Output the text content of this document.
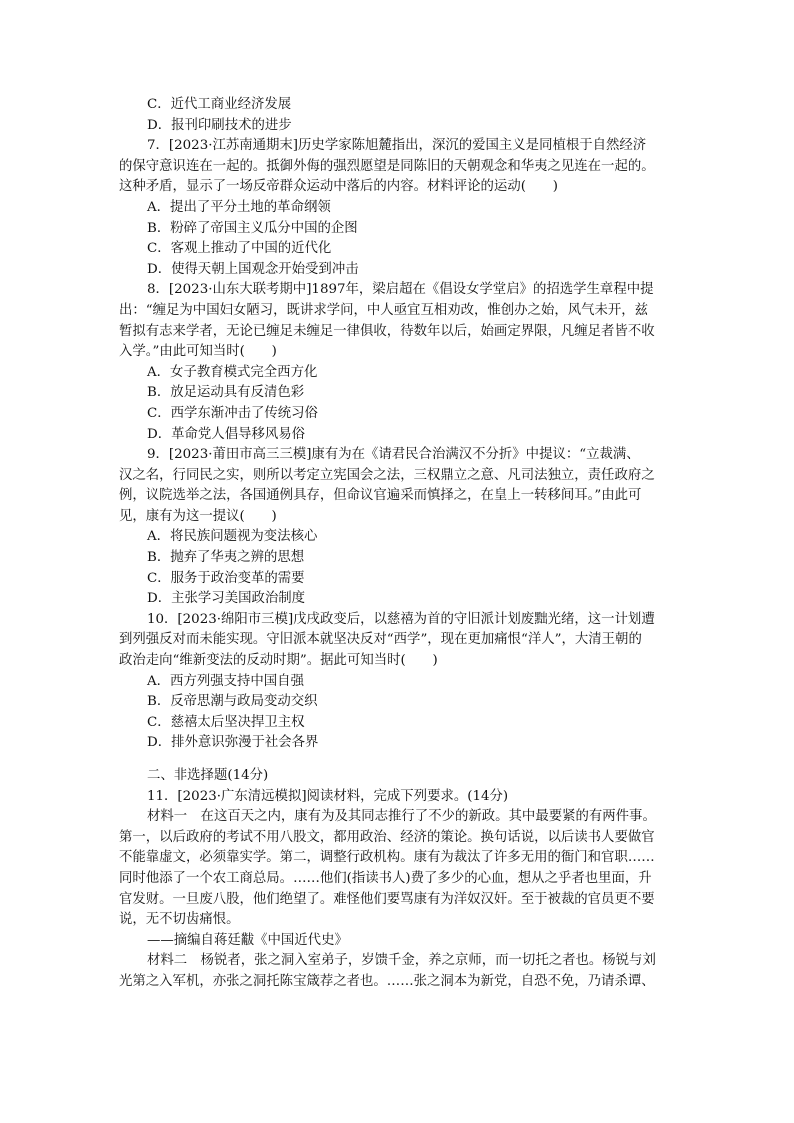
C．近代工商业经济发展
D．报刊印刷技术的进步
7．[2023·江苏南通期末]历史学家陈旭麓指出，深沉的爱国主义是同植根于自然经济
的保守意识连在一起的。抵御外侮的强烈愿望是同陈旧的天朝观念和华夷之见连在一起的。
这种矛盾，显示了一场反帝群众运动中落后的内容。材料评论的运动(　　)
A．提出了平分土地的革命纲领
B．粉碎了帝国主义瓜分中国的企图
C．客观上推动了中国的近代化
D．使得天朝上国观念开始受到冲击
8．[2023·山东大联考期中]1897年，梁启超在《倡设女学堂启》的招选学生章程中提
出：“缠足为中国妇女陋习，既讲求学问，中人亟宜互相劝改，惟创办之始，风气未开，兹
暂拟有志来学者，无论已缠足未缠足一律俱收，待数年以后，始画定界限，凡缠足者皆不收
入学。”由此可知当时(　　)
A．女子教育模式完全西方化
B．放足运动具有反清色彩
C．西学东渐冲击了传统习俗
D．革命党人倡导移风易俗
9．[2023·莆田市高三三模]康有为在《请君民合治满汉不分折》中提议：“立裁满、
汉之名，行同民之实，则所以考定立宪国会之法，三权鼎立之意、凡司法独立，责任政府之
例，议院选举之法，各国通例具存，但命议官遍采而慎择之，在皇上一转移间耳。”由此可
见，康有为这一提议(　　)
A．将民族问题视为变法核心
B．抛弃了华夷之辨的思想
C．服务于政治变革的需要
D．主张学习美国政治制度
10．[2023·绵阳市三模]戊戌政变后，以慈禧为首的守旧派计划废黜光绪，这一计划遭
到列强反对而未能实现。守旧派本就坚决反对“西学”，现在更加痛恨“洋人”，大清王朝的
政治走向“维新变法的反动时期”。据此可知当时(　　)
A．西方列强支持中国自强
B．反帝思潮与政局变动交织
C．慈禧太后坚决捍卫主权
D．排外意识弥漫于社会各界
二、非选择题(14分)
11．[2023·广东清远模拟]阅读材料，完成下列要求。(14分)
材料一　在这百天之内，康有为及其同志推行了不少的新政。其中最要紧的有两件事。
第一，以后政府的考试不用八股文，都用政治、经济的策论。换句话说，以后读书人要做官
不能靠虚文，必须靠实学。第二，调整行政机构。康有为裁汰了许多无用的衙门和官职……
同时他添了一个农工商总局。……他们(指读书人)费了多少的心血，想从之乎者也里面，升
官发财。一旦废八股，他们绝望了。难怪他们要骂康有为洋奴汉奸。至于被裁的官员更不要
说，无不切齿痛恨。
——摘编自蒋廷黻《中国近代史》
材料二　杨锐者，张之洞入室弟子，岁馈千金，养之京师，而一切托之者也。杨锐与刘
光第之入军机，亦张之洞托陈宝箴荐之者也。……张之洞本为新党，自恐不免，乃请杀谭、
